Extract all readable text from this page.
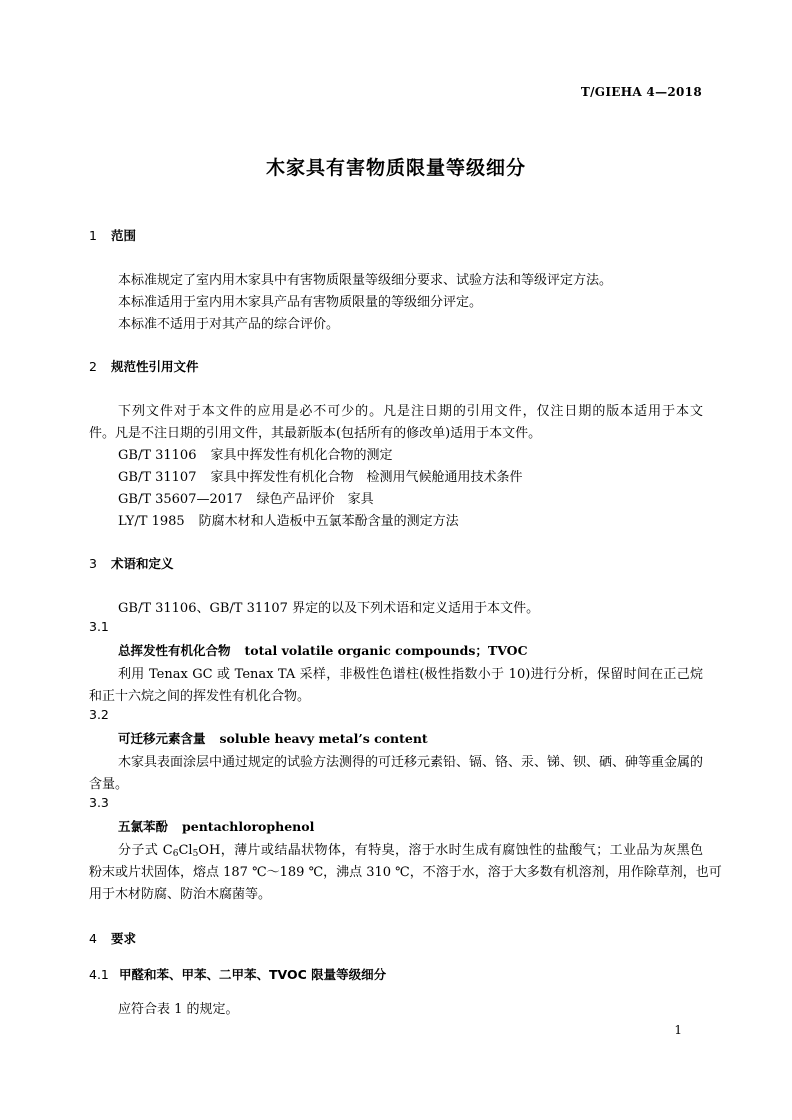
T/GIEHA 4—2018
木家具有害物质限量等级细分
1 范围
本标准规定了室内用木家具中有害物质限量等级细分要求、试验方法和等级评定方法。
本标准适用于室内用木家具产品有害物质限量的等级细分评定。
本标准不适用于对其产品的综合评价。
2 规范性引用文件
下列文件对于本文件的应用是必不可少的。凡是注日期的引用文件，仅注日期的版本适用于本文
件。凡是不注日期的引用文件，其最新版本(包括所有的修改单)适用于本文件。
GB/T 31106 家具中挥发性有机化合物的测定
GB/T 31107 家具中挥发性有机化合物　检测用气候舱通用技术条件
GB/T 35607—2017 绿色产品评价　家具
LY/T 1985 防腐木材和人造板中五氯苯酚含量的测定方法
3 术语和定义
GB/T 31106、GB/T 31107 界定的以及下列术语和定义适用于本文件。
3.1
总挥发性有机化合物 total volatile organic compounds；TVOC
利用 Tenax GC 或 Tenax TA 采样，非极性色谱柱(极性指数小于 10)进行分析，保留时间在正己烷
和正十六烷之间的挥发性有机化合物。
3.2
可迁移元素含量 soluble heavy metal’s content
木家具表面涂层中通过规定的试验方法测得的可迁移元素铅、镉、铬、汞、锑、钡、硒、砷等重金属的
含量。
3.3
五氯苯酚 pentachlorophenol
分子式 $C_6Cl_5OH$，薄片或结晶状物体，有特臭，溶于水时生成有腐蚀性的盐酸气；工业品为灰黑色
粉末或片状固体，熔点 187 ℃～189 ℃，沸点 310 ℃，不溶于水，溶于大多数有机溶剂，用作除草剂，也可
用于木材防腐、防治木腐菌等。
4 要求
4.1 甲醛和苯、甲苯、二甲苯、TVOC 限量等级细分
应符合表 1 的规定。
1
